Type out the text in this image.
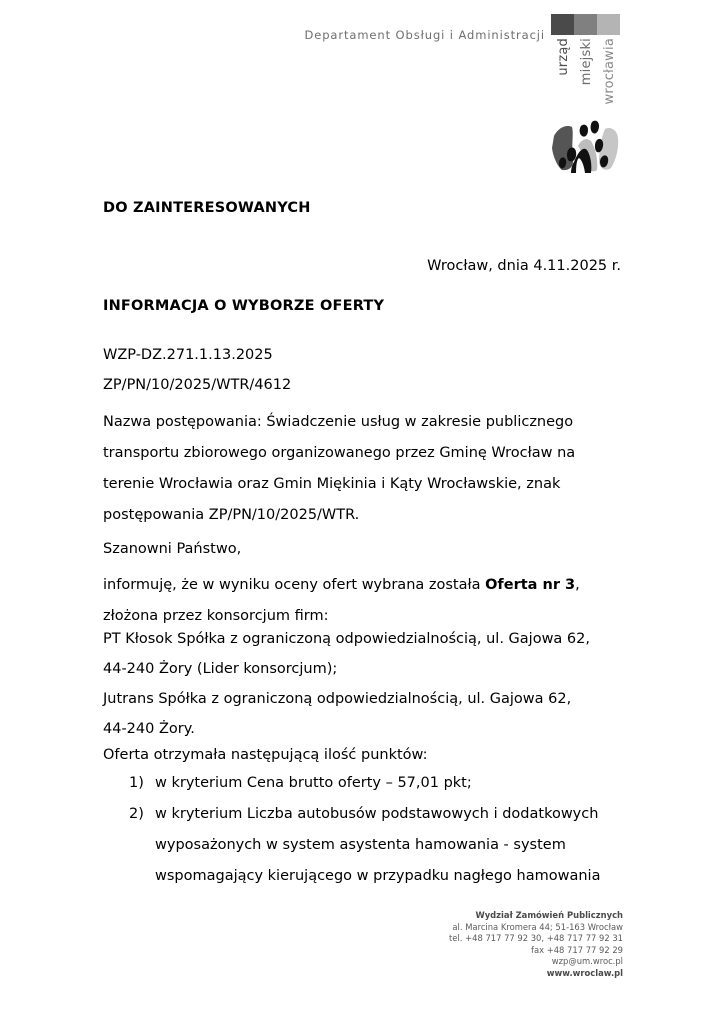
Departament Obsługi i Administracji
urząd miejski wrocławia
DO ZAINTERESOWANYCH
Wrocław, dnia 4.11.2025 r.
INFORMACJA O WYBORZE OFERTY
WZP-DZ.271.1.13.2025
ZP/PN/10/2025/WTR/4612
Nazwa postępowania: Świadczenie usług w zakresie publicznego transportu zbiorowego organizowanego przez Gminę Wrocław na terenie Wrocławia oraz Gmin Miękinia i Kąty Wrocławskie, znak postępowania ZP/PN/10/2025/WTR.
Szanowni Państwo,
informuję, że w wyniku oceny ofert wybrana została Oferta nr 3, złożona przez konsorcjum firm:
PT Kłosok Spółka z ograniczoną odpowiedzialnością, ul. Gajowa 62,
44-240 Żory (Lider konsorcjum);
Jutrans Spółka z ograniczoną odpowiedzialnością, ul. Gajowa 62,
44-240 Żory.
Oferta otrzymała następującą ilość punktów:
1) w kryterium Cena brutto oferty – 57,01 pkt;
2) w kryterium Liczba autobusów podstawowych i dodatkowych wyposażonych w system asystenta hamowania - system wspomagający kierującego w przypadku nagłego hamowania
Wydział Zamówień Publicznych
al. Marcina Kromera 44; 51-163 Wrocław
tel. +48 717 77 92 30, +48 717 77 92 31
fax +48 717 77 92 29
wzp@um.wroc.pl
www.wroclaw.pl
